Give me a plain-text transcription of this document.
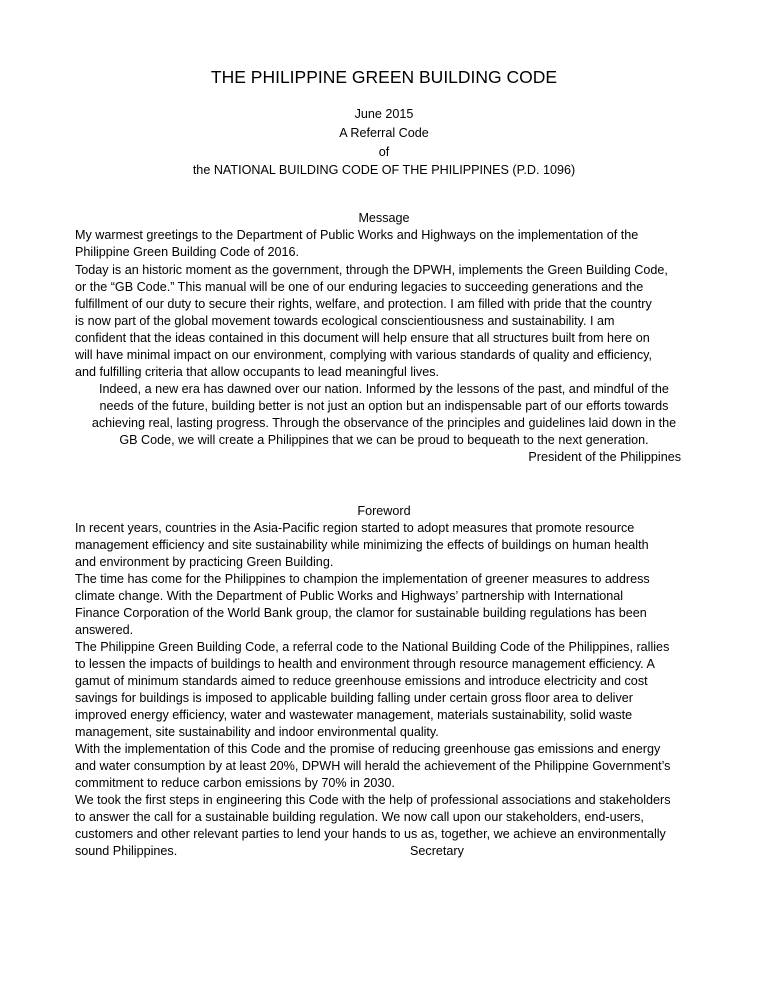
THE PHILIPPINE GREEN BUILDING CODE
June 2015
A Referral Code
of
the NATIONAL BUILDING CODE OF THE PHILIPPINES (P.D. 1096)
Message
My warmest greetings to the Department of Public Works and Highways on the implementation of the
Philippine Green Building Code of 2016.
Today is an historic moment as the government, through the DPWH, implements the Green Building Code,
or the “GB Code.” This manual will be one of our enduring legacies to succeeding generations and the
fulfillment of our duty to secure their rights, welfare, and protection. I am filled with pride that the country
is now part of the global movement towards ecological conscientiousness and sustainability. I am
confident that the ideas contained in this document will help ensure that all structures built from here on
will have minimal impact on our environment, complying with various standards of quality and efficiency,
and fulfilling criteria that allow occupants to lead meaningful lives.
Indeed, a new era has dawned over our nation. Informed by the lessons of the past, and mindful of the
needs of the future, building better is not just an option but an indispensable part of our efforts towards
achieving real, lasting progress. Through the observance of the principles and guidelines laid down in the
GB Code, we will create a Philippines that we can be proud to bequeath to the next generation.
President of the Philippines
Foreword
In recent years, countries in the Asia-Pacific region started to adopt measures that promote resource
management efficiency and site sustainability while minimizing the effects of buildings on human health
and environment by practicing Green Building.
The time has come for the Philippines to champion the implementation of greener measures to address
climate change. With the Department of Public Works and Highways’ partnership with International
Finance Corporation of the World Bank group, the clamor for sustainable building regulations has been
answered.
The Philippine Green Building Code, a referral code to the National Building Code of the Philippines, rallies
to lessen the impacts of buildings to health and environment through resource management efficiency. A
gamut of minimum standards aimed to reduce greenhouse emissions and introduce electricity and cost
savings for buildings is imposed to applicable building falling under certain gross floor area to deliver
improved energy efficiency, water and wastewater management, materials sustainability, solid waste
management, site sustainability and indoor environmental quality.
With the implementation of this Code and the promise of reducing greenhouse gas emissions and energy
and water consumption by at least 20%, DPWH will herald the achievement of the Philippine Government’s
commitment to reduce carbon emissions by 70% in 2030.
We took the first steps in engineering this Code with the help of professional associations and stakeholders
to answer the call for a sustainable building regulation. We now call upon our stakeholders, end-users,
customers and other relevant parties to lend your hands to us as, together, we achieve an environmentally
sound Philippines.	Secretary
